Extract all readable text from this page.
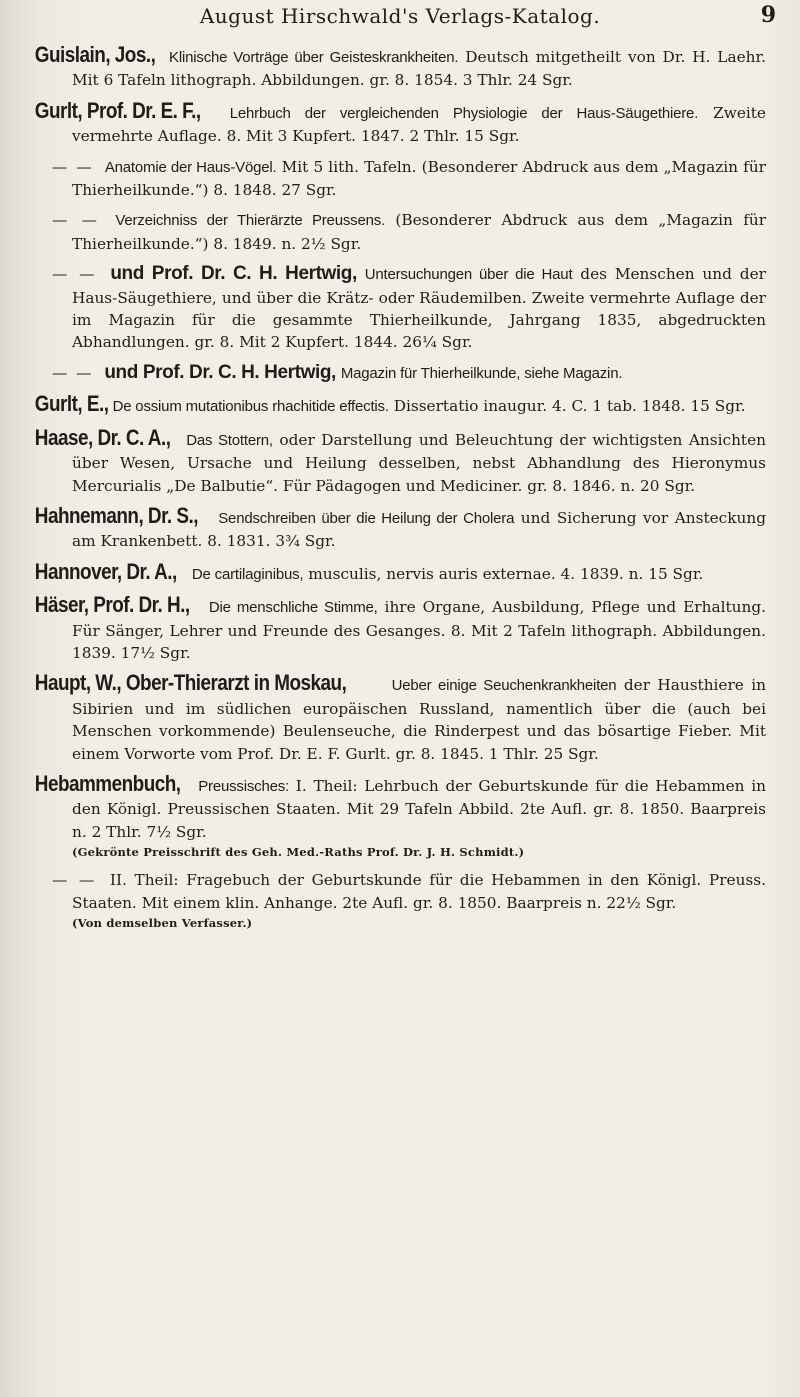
August Hirschwald's Verlags-Katalog.	9
Guislain, Jos., Klinische Vorträge über Geisteskrankheiten. Deutsch mitgetheilt von Dr. H. Laehr. Mit 6 Tafeln lithograph. Abbildungen. gr. 8. 1854. 3 Thlr. 24 Sgr.
Gurlt, Prof. Dr. E. F., Lehrbuch der vergleichenden Physiologie der Haus-Säugethiere. Zweite vermehrte Auflage. 8. Mit 3 Kupfert. 1847. 2 Thlr. 15 Sgr.
— — Anatomie der Haus-Vögel. Mit 5 lith. Tafeln. (Besonderer Abdruck aus dem „Magazin für Thierheilkunde.“) 8. 1848. 27 Sgr.
— — Verzeichniss der Thierärzte Preussens. (Besonderer Abdruck aus dem „Magazin für Thierheilkunde.“) 8. 1849. n. 2½ Sgr.
— — und Prof. Dr. C. H. Hertwig, Untersuchungen über die Haut des Menschen und der Haus-Säugethiere, und über die Krätz- oder Räudemilben. Zweite vermehrte Auflage der im Magazin für die gesammte Thierheilkunde, Jahrgang 1835, abgedruckten Abhandlungen. gr. 8. Mit 2 Kupfert. 1844. 26¼ Sgr.
— — und Prof. Dr. C. H. Hertwig, Magazin für Thierheilkunde, siehe Magazin.
Gurlt, E., De ossium mutationibus rhachitide effectis. Dissertatio inaugur. 4. C. 1 tab. 1848. 15 Sgr.
Haase, Dr. C. A., Das Stottern, oder Darstellung und Beleuchtung der wichtigsten Ansichten über Wesen, Ursache und Heilung desselben, nebst Abhandlung des Hieronymus Mercurialis „De Balbutie“. Für Pädagogen und Mediciner. gr. 8. 1846. n. 20 Sgr.
Hahnemann, Dr. S., Sendschreiben über die Heilung der Cholera und Sicherung vor Ansteckung am Krankenbett. 8. 1831. 3¾ Sgr.
Hannover, Dr. A., De cartilaginibus, musculis, nervis auris externae. 4. 1839. n. 15 Sgr.
Häser, Prof. Dr. H., Die menschliche Stimme, ihre Organe, Ausbildung, Pflege und Erhaltung. Für Sänger, Lehrer und Freunde des Gesanges. 8. Mit 2 Tafeln lithograph. Abbildungen. 1839. 17½ Sgr.
Haupt, W., Ober-Thierarzt in Moskau,	Ueber einige Seuchenkrankheiten der Hausthiere in Sibirien und im südlichen europäischen Russland, namentlich über die (auch bei Menschen vorkommende) Beulenseuche, die Rinderpest und das bösartige Fieber. Mit einem Vorworte vom Prof. Dr. E. F. Gurlt. gr. 8. 1845. 1 Thlr. 25 Sgr.
Hebammenbuch, Preussisches: I. Theil: Lehrbuch der Geburtskunde für die Hebammen in den Königl. Preussischen Staaten. Mit 29 Tafeln Abbild. 2te Aufl. gr. 8. 1850. Baarpreis n. 2 Thlr. 7½ Sgr.
(Gekrönte Preisschrift des Geh. Med.-Raths Prof. Dr. J. H. Schmidt.)
— — II. Theil: Fragebuch der Geburtskunde für die Hebammen in den Königl. Preuss. Staaten. Mit einem klin. Anhange. 2te Aufl. gr. 8. 1850. Baarpreis n. 22½ Sgr.
(Von demselben Verfasser.)
